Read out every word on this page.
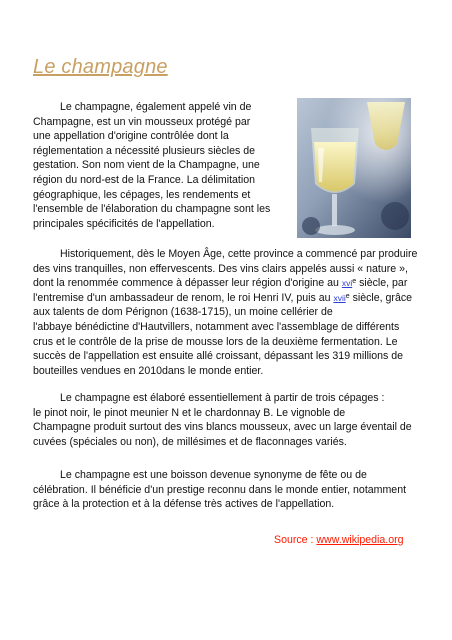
Le champagne

Le champagne, également appelé vin de
Champagne, est un vin mousseux protégé par
une appellation d'origine contrôlée dont la
réglementation a nécessité plusieurs siècles de
gestation. Son nom vient de la Champagne, une
région du nord-est de la France. La délimitation
géographique, les cépages, les rendements et
l'ensemble de l'élaboration du champagne sont les
principales spécificités de l'appellation.

Historiquement, dès le Moyen Âge, cette province a commencé par produire
des vins tranquilles, non effervescents. Des vins clairs appelés aussi « nature »,
dont la renommée commence à dépasser leur région d'origine au xvi$^e$ siècle, par
l'entremise d'un ambassadeur de renom, le roi Henri IV, puis au xvii$^e$ siècle, grâce
aux talents de dom Pérignon (1638-1715), un moine cellérier de
l'abbaye bénédictine d'Hautvillers, notamment avec l'assemblage de différents
crus et le contrôle de la prise de mousse lors de la deuxième fermentation. Le
succès de l'appellation est ensuite allé croissant, dépassant les 319 millions de
bouteilles vendues en 2010dans le monde entier.

Le champagne est élaboré essentiellement à partir de trois cépages :
le pinot noir, le pinot meunier N et le chardonnay B. Le vignoble de
Champagne produit surtout des vins blancs mousseux, avec un large éventail de
cuvées (spéciales ou non), de millésimes et de flaconnages variés.

Le champagne est une boisson devenue synonyme de fête ou de
célébration. Il bénéficie d'un prestige reconnu dans le monde entier, notamment
grâce à la protection et à la défense très actives de l'appellation.

Source : www.wikipedia.org
